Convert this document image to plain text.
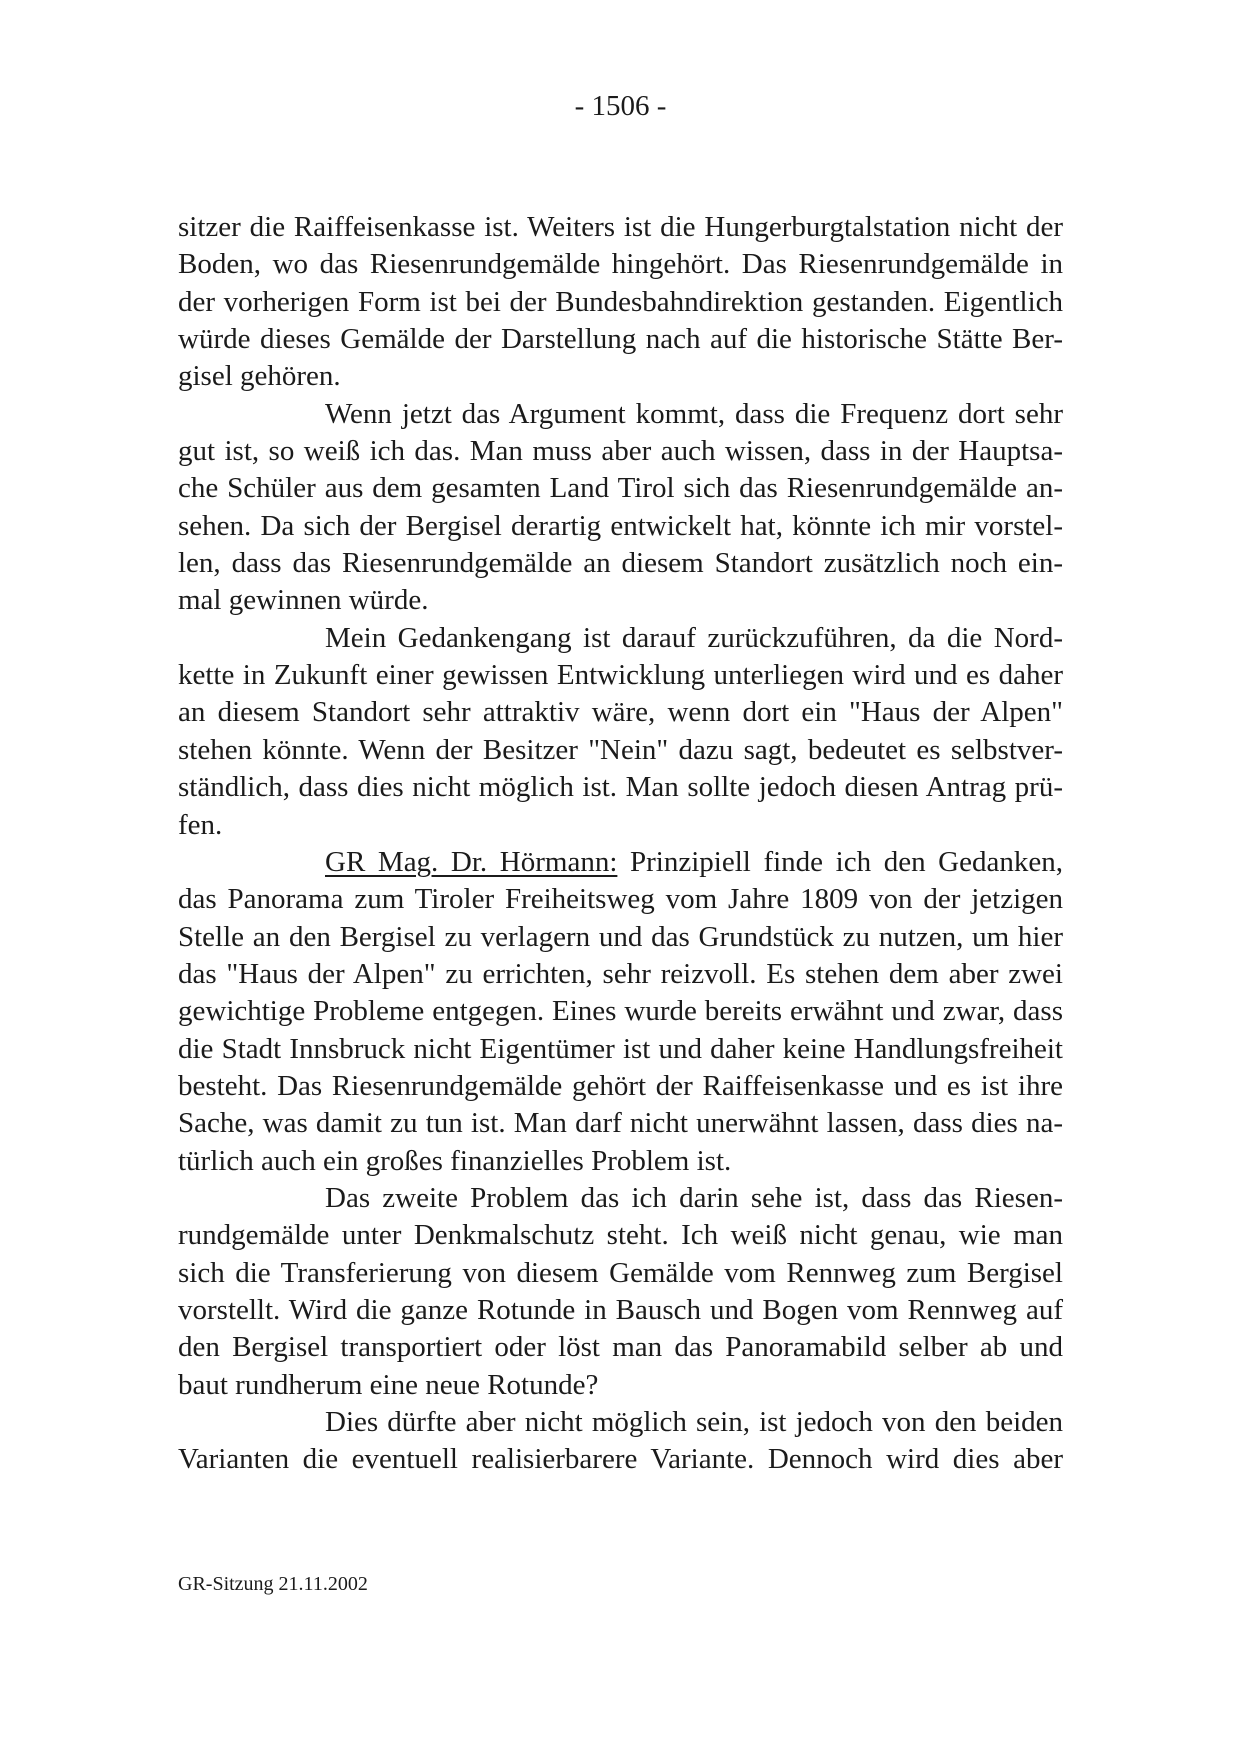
- 1506 -
sitzer die Raiffeisenkasse ist. Weiters ist die Hungerburgtalstation nicht der
Boden, wo das Riesenrundgemälde hingehört. Das Riesenrundgemälde in
der vorherigen Form ist bei der Bundesbahndirektion gestanden. Eigentlich
würde dieses Gemälde der Darstellung nach auf die historische Stätte Ber-
gisel gehören.
Wenn jetzt das Argument kommt, dass die Frequenz dort sehr
gut ist, so weiß ich das. Man muss aber auch wissen, dass in der Hauptsa-
che Schüler aus dem gesamten Land Tirol sich das Riesenrundgemälde an-
sehen. Da sich der Bergisel derartig entwickelt hat, könnte ich mir vorstel-
len, dass das Riesenrundgemälde an diesem Standort zusätzlich noch ein-
mal gewinnen würde.
Mein Gedankengang ist darauf zurückzuführen, da die Nord-
kette in Zukunft einer gewissen Entwicklung unterliegen wird und es daher
an diesem Standort sehr attraktiv wäre, wenn dort ein "Haus der Alpen"
stehen könnte. Wenn der Besitzer "Nein" dazu sagt, bedeutet es selbstver-
ständlich, dass dies nicht möglich ist. Man sollte jedoch diesen Antrag prü-
fen.
GR Mag. Dr. Hörmann: Prinzipiell finde ich den Gedanken,
das Panorama zum Tiroler Freiheitsweg vom Jahre 1809 von der jetzigen
Stelle an den Bergisel zu verlagern und das Grundstück zu nutzen, um hier
das "Haus der Alpen" zu errichten, sehr reizvoll. Es stehen dem aber zwei
gewichtige Probleme entgegen. Eines wurde bereits erwähnt und zwar, dass
die Stadt Innsbruck nicht Eigentümer ist und daher keine Handlungsfreiheit
besteht. Das Riesenrundgemälde gehört der Raiffeisenkasse und es ist ihre
Sache, was damit zu tun ist. Man darf nicht unerwähnt lassen, dass dies na-
türlich auch ein großes finanzielles Problem ist.
Das zweite Problem das ich darin sehe ist, dass das Riesen-
rundgemälde unter Denkmalschutz steht. Ich weiß nicht genau, wie man
sich die Transferierung von diesem Gemälde vom Rennweg zum Bergisel
vorstellt. Wird die ganze Rotunde in Bausch und Bogen vom Rennweg auf
den Bergisel transportiert oder löst man das Panoramabild selber ab und
baut rundherum eine neue Rotunde?
Dies dürfte aber nicht möglich sein, ist jedoch von den beiden
Varianten die eventuell realisierbarere Variante. Dennoch wird dies aber
GR-Sitzung 21.11.2002
